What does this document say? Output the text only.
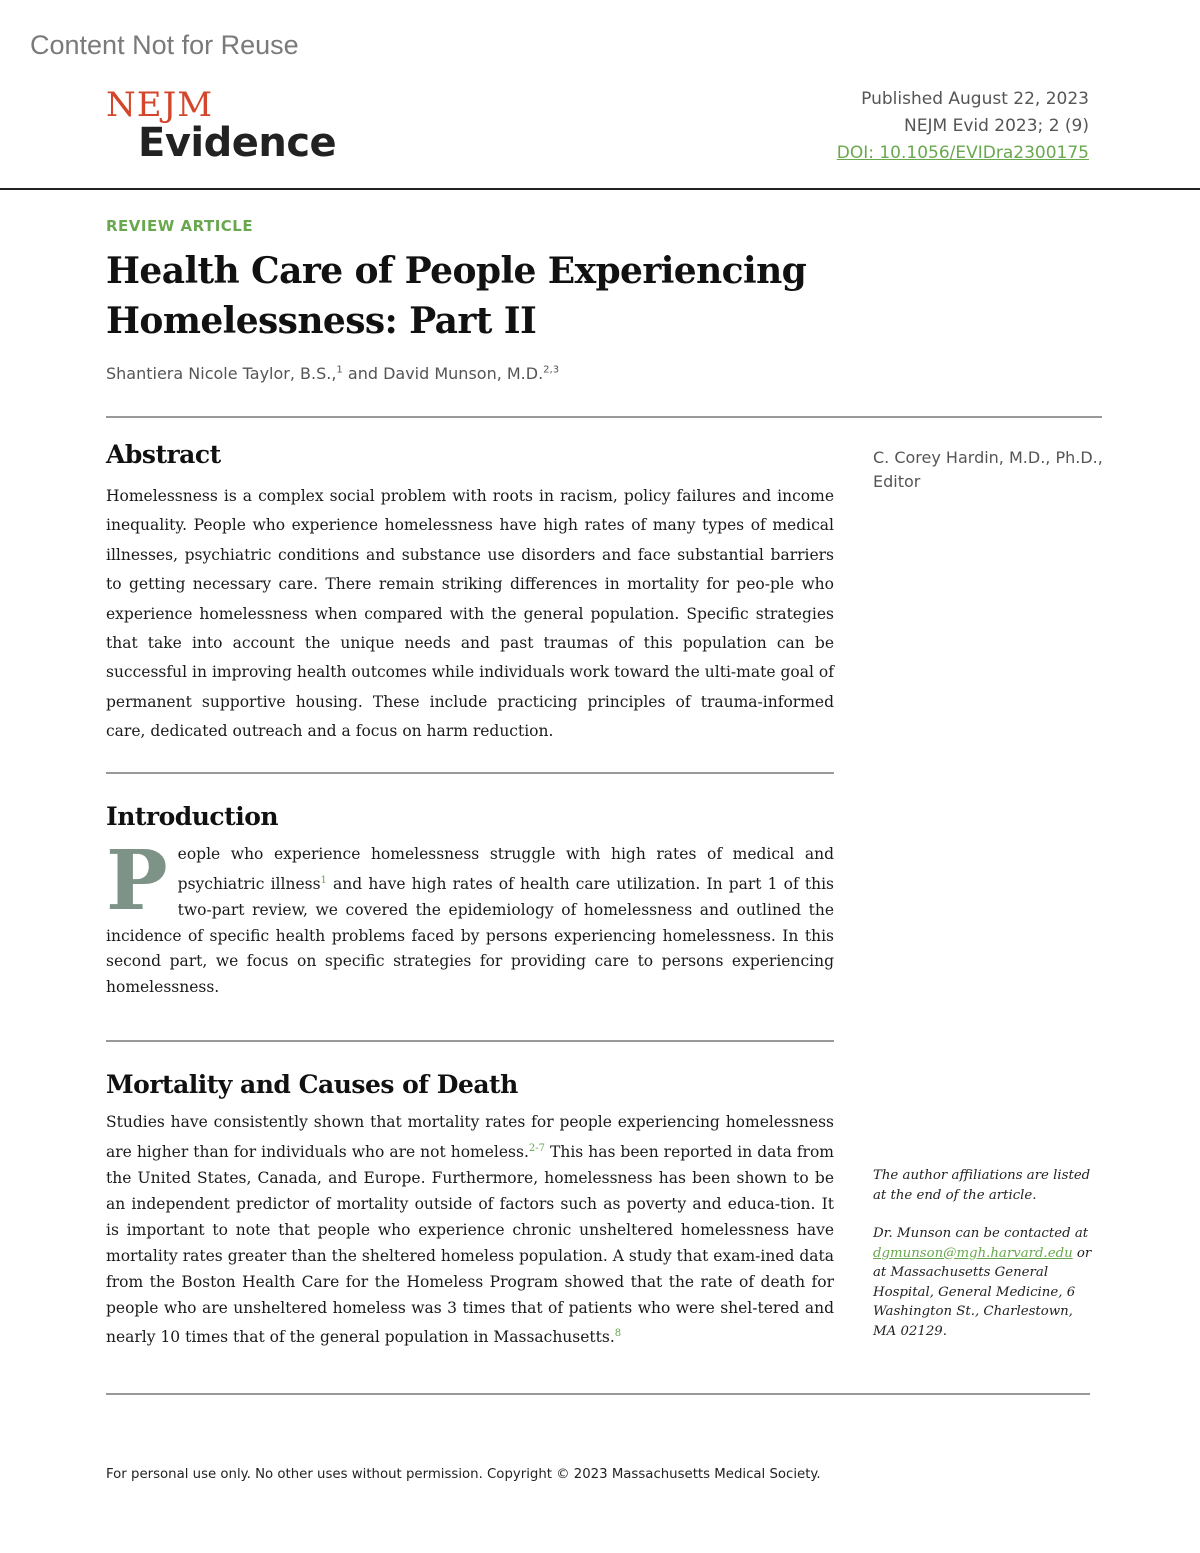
Content Not for Reuse
NEJM
Evidence
Published August 22, 2023
NEJM Evid 2023; 2 (9)
DOI: 10.1056/EVIDra2300175
REVIEW ARTICLE
Health Care of People Experiencing Homelessness: Part II
Shantiera Nicole Taylor, B.S.,$^1$ and David Munson, M.D.$^{2,3}$
Abstract

Homelessness is a complex social problem with roots in racism, policy failures and income inequality. People who experience homelessness have high rates of many types of medical illnesses, psychiatric conditions and substance use disorders and face substantial barriers to getting necessary care. There remain striking differences in mortality for peo-ple who experience homelessness when compared with the general population. Specific strategies that take into account the unique needs and past traumas of this population can be successful in improving health outcomes while individuals work toward the ulti-mate goal of permanent supportive housing. These include practicing principles of trauma-informed care, dedicated outreach and a focus on harm reduction.

C. Corey Hardin, M.D., Ph.D.,
Editor
Introduction

People who experience homelessness struggle with high rates of medical and psychiatric illness$^1$ and have high rates of health care utilization. In part 1 of this two-part review, we covered the epidemiology of homelessness and outlined the incidence of specific health problems faced by persons experiencing homelessness. In this second part, we focus on specific strategies for providing care to persons experiencing homelessness.

Mortality and Causes of Death

Studies have consistently shown that mortality rates for people experiencing homelessness are higher than for individuals who are not homeless.$^{2-7}$ This has been reported in data from the United States, Canada, and Europe. Furthermore, homelessness has been shown to be an independent predictor of mortality outside of factors such as poverty and educa-tion. It is important to note that people who experience chronic unsheltered homelessness have mortality rates greater than the sheltered homeless population. A study that exam-ined data from the Boston Health Care for the Homeless Program showed that the rate of death for people who are unsheltered homeless was 3 times that of patients who were shel-tered and nearly 10 times that of the general population in Massachusetts.$^8$

The author affiliations are listed at the end of the article.

Dr. Munson can be contacted at dgmunson@mgh.harvard.edu or at Massachusetts General Hospital, General Medicine, 6 Washington St., Charlestown, MA 02129.

For personal use only. No other uses without permission. Copyright © 2023 Massachusetts Medical Society.
